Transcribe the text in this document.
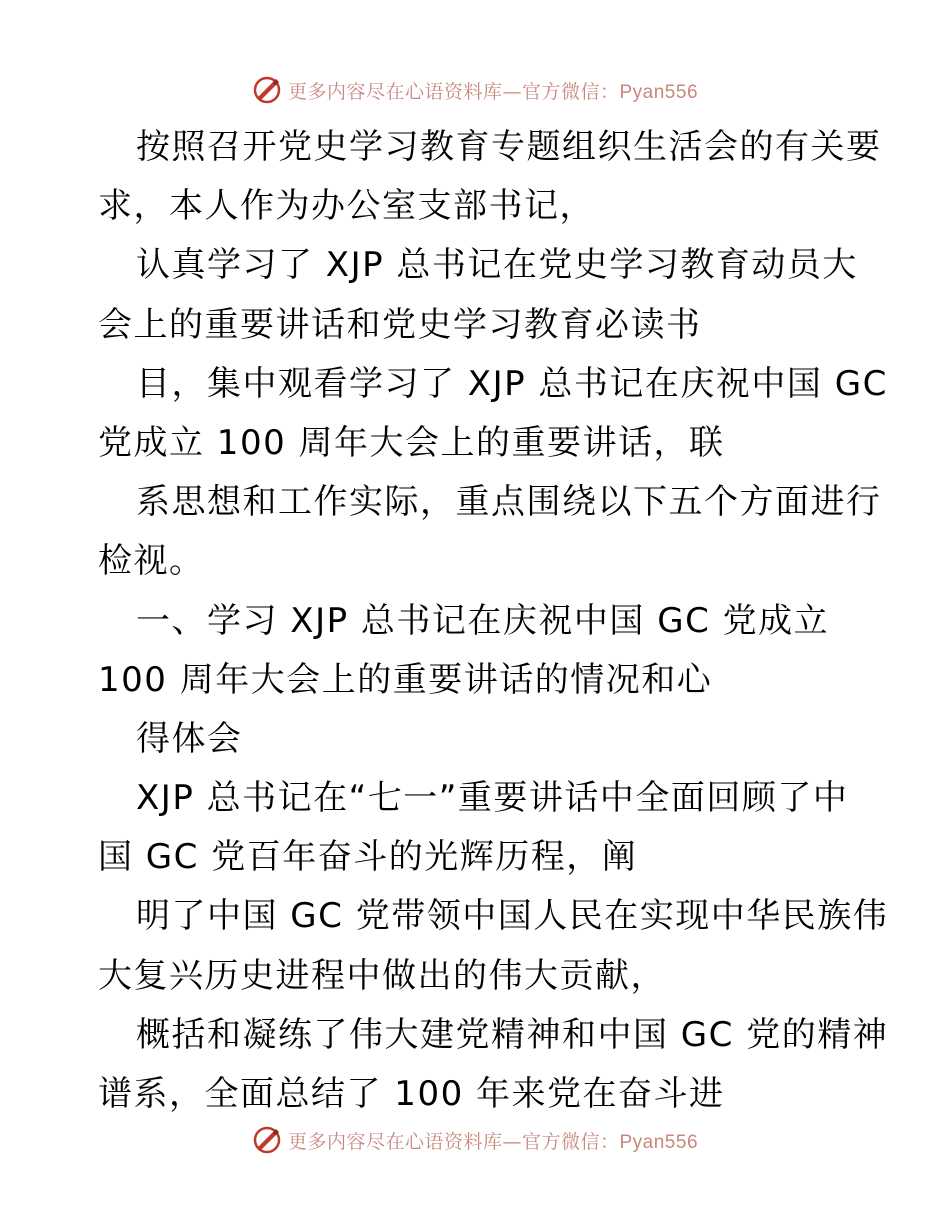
更多内容尽在心语资料库—官方微信：Pyan556
按照召开党史学习教育专题组织生活会的有关要
求，本人作为办公室支部书记，
认真学习了 XJP 总书记在党史学习教育动员大
会上的重要讲话和党史学习教育必读书
目，集中观看学习了 XJP 总书记在庆祝中国 GC
党成立 100 周年大会上的重要讲话，联
系思想和工作实际，重点围绕以下五个方面进行
检视。
一、学习 XJP 总书记在庆祝中国 GC 党成立
100 周年大会上的重要讲话的情况和心
得体会
XJP 总书记在“七一”重要讲话中全面回顾了中
国 GC 党百年奋斗的光辉历程，阐
明了中国 GC 党带领中国人民在实现中华民族伟
大复兴历史进程中做出的伟大贡献，
概括和凝练了伟大建党精神和中国 GC 党的精神
谱系，全面总结了 100 年来党在奋斗进
更多内容尽在心语资料库—官方微信：Pyan556
